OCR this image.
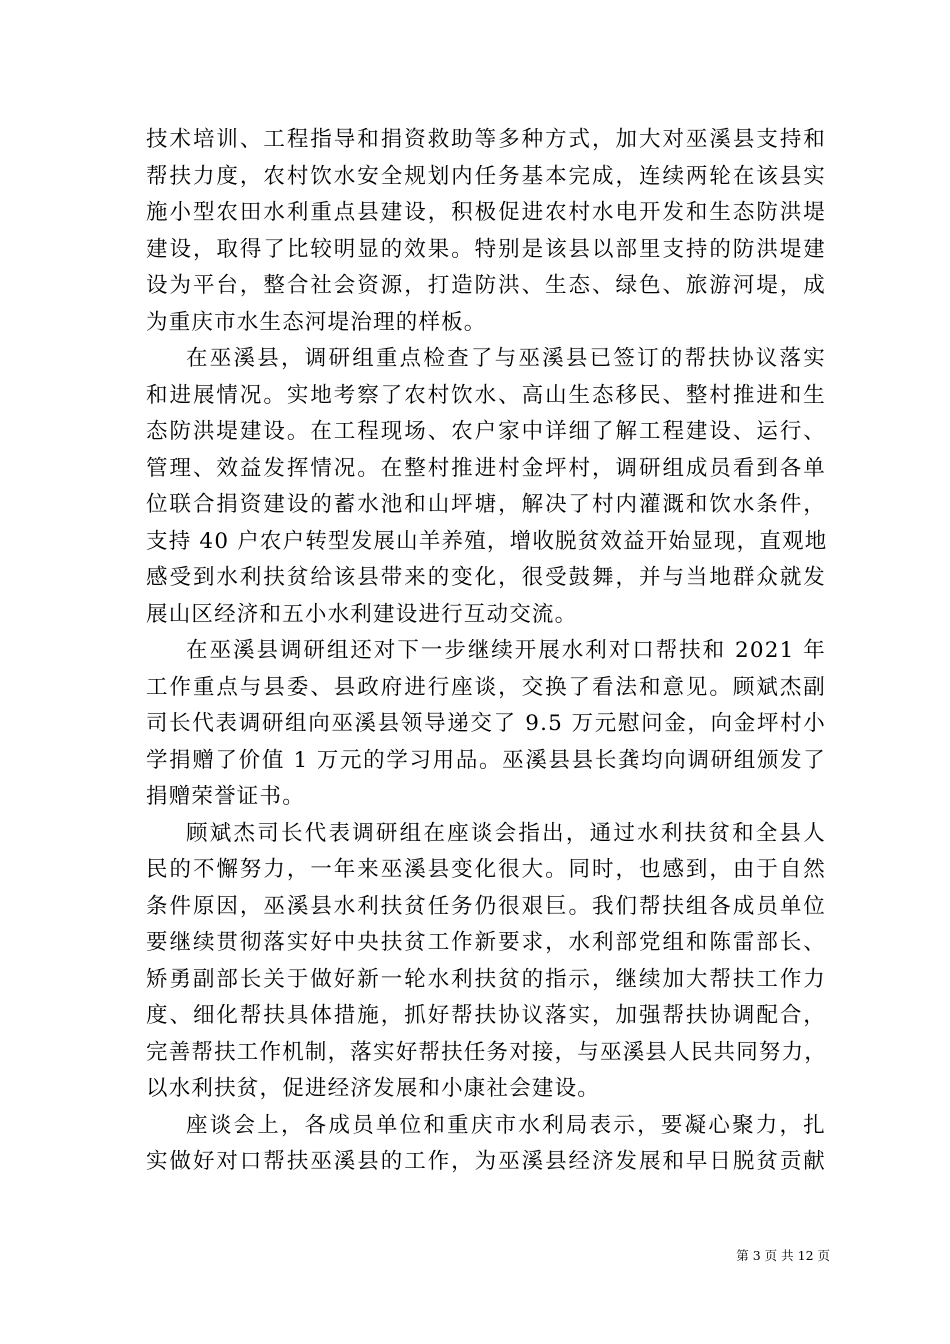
技术培训、工程指导和捐资救助等多种方式，加大对巫溪县支持和
帮扶力度，农村饮水安全规划内任务基本完成，连续两轮在该县实
施小型农田水利重点县建设，积极促进农村水电开发和生态防洪堤
建设，取得了比较明显的效果。特别是该县以部里支持的防洪堤建
设为平台，整合社会资源，打造防洪、生态、绿色、旅游河堤，成
为重庆市水生态河堤治理的样板。
在巫溪县，调研组重点检查了与巫溪县已签订的帮扶协议落实
和进展情况。实地考察了农村饮水、高山生态移民、整村推进和生
态防洪堤建设。在工程现场、农户家中详细了解工程建设、运行、
管理、效益发挥情况。在整村推进村金坪村，调研组成员看到各单
位联合捐资建设的蓄水池和山坪塘，解决了村内灌溉和饮水条件，
支持 40 户农户转型发展山羊养殖，增收脱贫效益开始显现，直观地
感受到水利扶贫给该县带来的变化，很受鼓舞，并与当地群众就发
展山区经济和五小水利建设进行互动交流。
在巫溪县调研组还对下一步继续开展水利对口帮扶和 2021 年
工作重点与县委、县政府进行座谈，交换了看法和意见。顾斌杰副
司长代表调研组向巫溪县领导递交了 9.5 万元慰问金，向金坪村小
学捐赠了价值 1 万元的学习用品。巫溪县县长龚均向调研组颁发了
捐赠荣誉证书。
顾斌杰司长代表调研组在座谈会指出，通过水利扶贫和全县人
民的不懈努力，一年来巫溪县变化很大。同时，也感到，由于自然
条件原因，巫溪县水利扶贫任务仍很艰巨。我们帮扶组各成员单位
要继续贯彻落实好中央扶贫工作新要求，水利部党组和陈雷部长、
矫勇副部长关于做好新一轮水利扶贫的指示，继续加大帮扶工作力
度、细化帮扶具体措施，抓好帮扶协议落实，加强帮扶协调配合，
完善帮扶工作机制，落实好帮扶任务对接，与巫溪县人民共同努力，
以水利扶贫，促进经济发展和小康社会建设。
座谈会上，各成员单位和重庆市水利局表示，要凝心聚力，扎
实做好对口帮扶巫溪县的工作，为巫溪县经济发展和早日脱贫贡献
第 3 页 共 12 页
